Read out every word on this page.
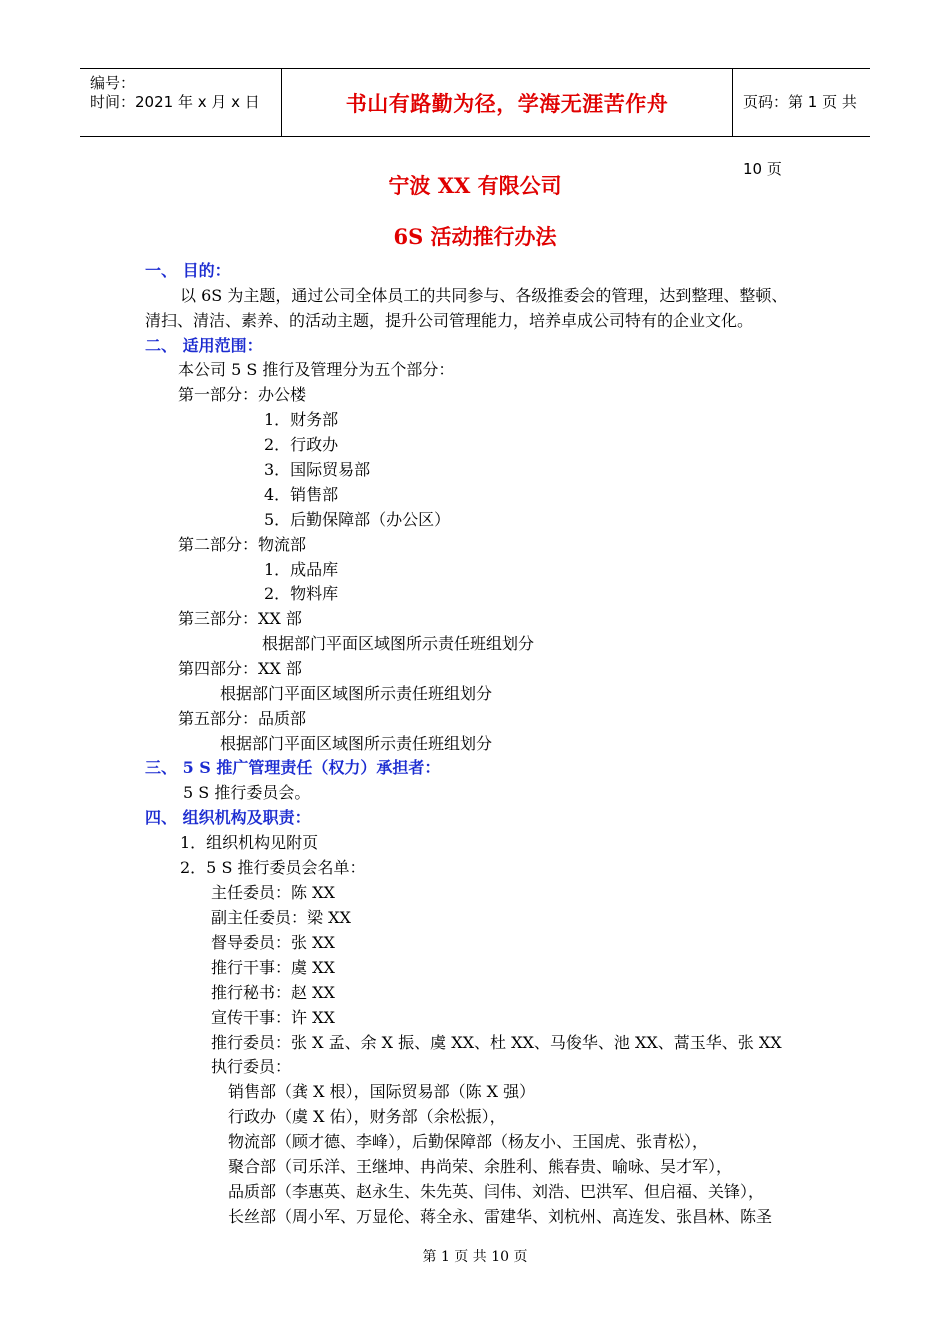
编号：
时间：2021 年 x 月 x 日	书山有路勤为径，学海无涯苦作舟	页码：第 1 页 共 10 页
宁波 XX 有限公司
6S 活动推行办法
一、 目的：
以 6S 为主题，通过公司全体员工的共同参与、各级推委会的管理，达到整理、整顿、
清扫、清洁、素养、的活动主题，提升公司管理能力，培养卓成公司特有的企业文化。
二、 适用范围：
本公司 5 S 推行及管理分为五个部分：
第一部分：办公楼
1．财务部
2．行政办
3．国际贸易部
4．销售部
5．后勤保障部（办公区）
第二部分：物流部
1．成品库
2．物料库
第三部分：XX 部
根据部门平面区域图所示责任班组划分
第四部分：XX 部
根据部门平面区域图所示责任班组划分
第五部分：品质部
根据部门平面区域图所示责任班组划分
三、 5 S 推广管理责任（权力）承担者：
5 S 推行委员会。
四、 组织机构及职责：
1．组织机构见附页
2．5 S 推行委员会名单：
主任委员：陈 XX
副主任委员：梁 XX
督导委员：张 XX
推行干事：虞 XX
推行秘书：赵 XX
宣传干事：许 XX
推行委员：张 X 孟、余 X 振、虞 XX、杜 XX、马俊华、池 XX、蒿玉华、张 XX
执行委员：
销售部（龚 X 根），国际贸易部（陈 X 强）
行政办（虞 X 佑），财务部（余松振），
物流部（顾才德、李峰），后勤保障部（杨友小、王国虎、张青松），
聚合部（司乐洋、王继坤、冉尚荣、余胜利、熊春贵、喻咏、吴才军），
品质部（李惠英、赵永生、朱先英、闫伟、刘浩、巴洪军、但启福、关锋），
长丝部（周小军、万显伦、蒋全永、雷建华、刘杭州、高连发、张昌林、陈圣
第 1 页 共 10 页
